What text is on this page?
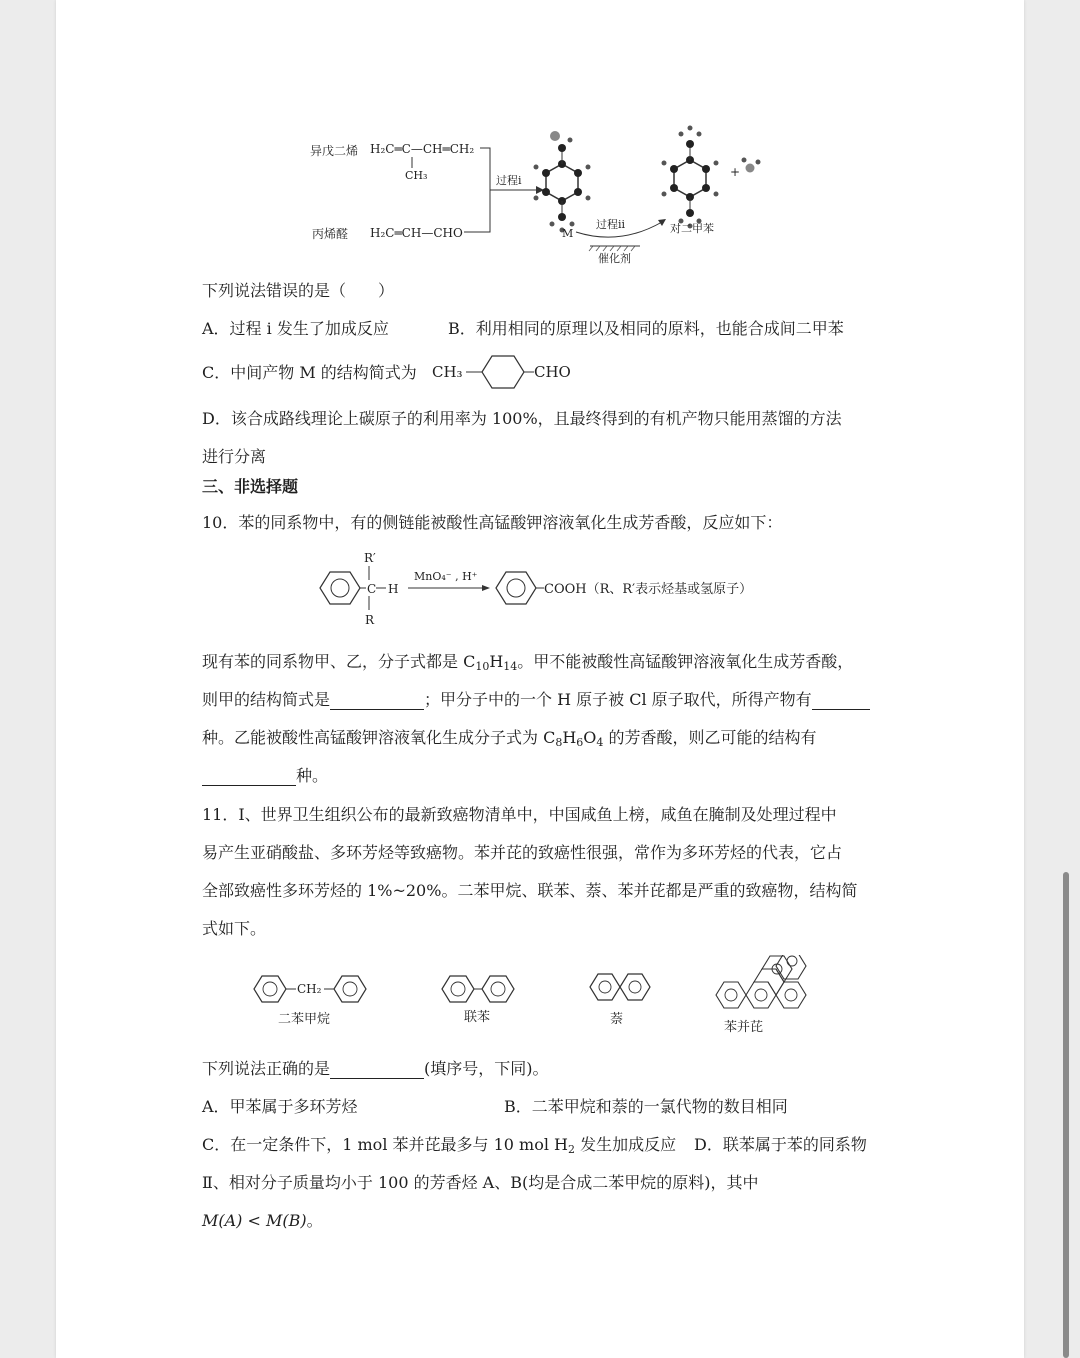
异戊二烯 H₂C═C—CH═CH₂
CH₃
丙烯醛 H₂C═CH—CHO
过程i
M
过程ii
催化剂
对二甲苯
+
下列说法错误的是（　　）
A．过程 i 发生了加成反应	B．利用相同的原理以及相同的原料，也能合成间二甲苯
C．中间产物 M 的结构简式为 CH₃	CHO
D．该合成路线理论上碳原子的利用率为 100%，且最终得到的有机产物只能用蒸馏的方法
进行分离
三、非选择题
10．苯的同系物中，有的侧链能被酸性高锰酸钾溶液氧化生成芳香酸，反应如下：
C
R′
R
H
MnO₄⁻ , H⁺
COOH（R、R′表示烃基或氢原子）
现有苯的同系物甲、乙，分子式都是 $C_{10}H_{14}$。甲不能被酸性高锰酸钾溶液氧化生成芳香酸，
则甲的结构简式是	；甲分子中的一个 H 原子被 Cl 原子取代，所得产物有
种。乙能被酸性高锰酸钾溶液氧化生成分子式为 $C_8H_6O_4$ 的芳香酸，则乙可能的结构有
种。
11．Ⅰ、世界卫生组织公布的最新致癌物清单中，中国咸鱼上榜，咸鱼在腌制及处理过程中
易产生亚硝酸盐、多环芳烃等致癌物。苯并芘的致癌性很强，常作为多环芳烃的代表，它占
全部致癌性多环芳烃的 1%~20%。二苯甲烷、联苯、萘、苯并芘都是严重的致癌物，结构简
式如下。
CH₂
二苯甲烷	联苯	萘
苯并芘
下列说法正确的是	(填序号，下同)。
A．甲苯属于多环芳烃	B．二苯甲烷和萘的一氯代物的数目相同
C．在一定条件下，1 mol 苯并芘最多与 10 mol $H_2$ 发生加成反应 D．联苯属于苯的同系物
Ⅱ、相对分子质量均小于 100 的芳香烃 A、B(均是合成二苯甲烷的原料)，其中
M(A) < M(B)。
